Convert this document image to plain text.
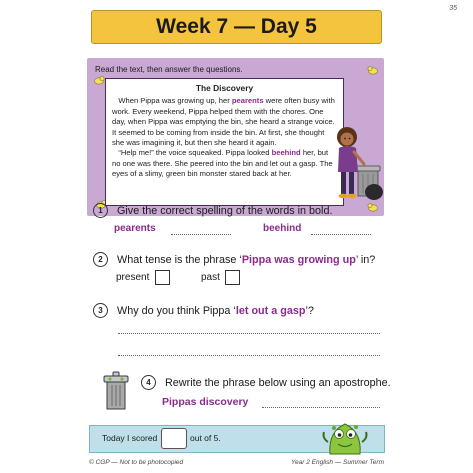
35
Week 7 — Day 5
Read the text, then answer the questions.
The Discovery

When Pippa was growing up, her pearents were often busy with work. Every weekend, Pippa helped them with the chores. One day, when Pippa was emptying the bin, she heard a strange voice. It seemed to be coming from inside the bin. At first, she thought she was imagining it, but then she heard it again.

“Help me!” the voice squeaked. Pippa looked beehind her, but no one was there. She peered into the bin and let out a gasp. The eyes of a slimy, green bin monster stared back at her.

1	Give the correct spelling of the words in bold.
pearents	beehind
2	What tense is the phrase ‘Pippa was growing up’ in?
present	past
3	Why do you think Pippa ‘let out a gasp’?
4	Rewrite the phrase below using an apostrophe.
Pippas discovery
Today I scored	out of 5.
© CGP — Not to be photocopied	Year 2 English — Summer Term
